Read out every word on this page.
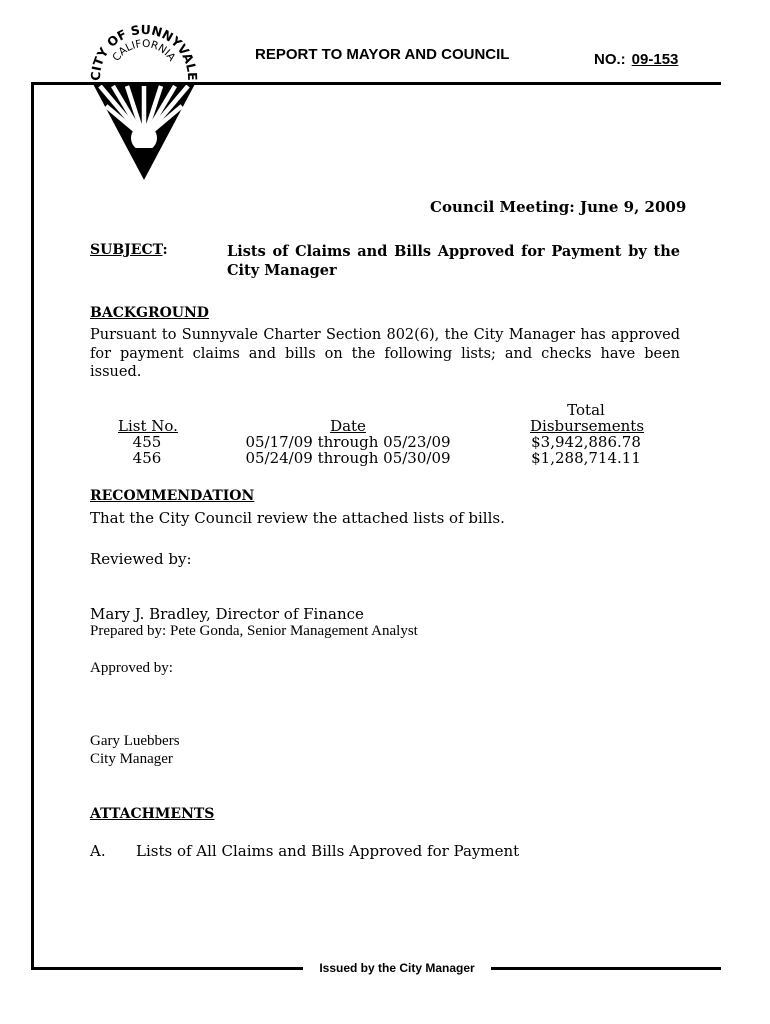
CITY OF SUNNYVALE
CALIFORNIA	REPORT TO MAYOR AND COUNCIL	NO.: 09-153
Council Meeting: June 9, 2009
SUBJECT:	Lists of Claims and Bills Approved for Payment by the
City Manager
BACKGROUND
Pursuant to Sunnyvale Charter Section 802(6), the City Manager has approved for payment claims and bills on the following lists; and checks have been issued.
Total
List No.	Date	Disbursements
455	05/17/09 through 05/23/09	$3,942,886.78
456	05/24/09 through 05/30/09	$1,288,714.11
RECOMMENDATION
That the City Council review the attached lists of bills.
Reviewed by:
Mary J. Bradley, Director of Finance
Prepared by: Pete Gonda, Senior Management Analyst
Approved by:
Gary Luebbers
City Manager
ATTACHMENTS
A. Lists of All Claims and Bills Approved for Payment
Issued by the City Manager
